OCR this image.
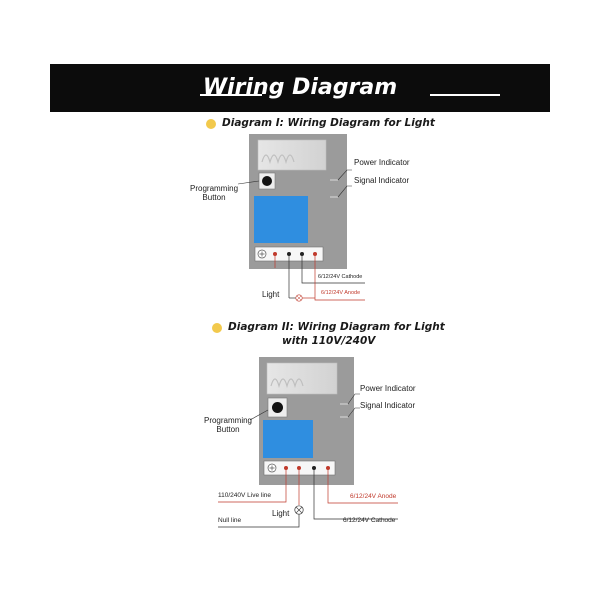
Wiring Diagram
Diagram I: Wiring Diagram for Light
Diagram II: Wiring Diagram for Light
with 110V/240V
Power Indicator
Signal Indicator
Programming
Button
6/12/24V Cathode
6/12/24V Anode
Light
Power Indicator
Signal Indicator
Programming
Button
110/240V Live line	6/12/24V Anode
Light
Null line	6/12/24V Cathode
